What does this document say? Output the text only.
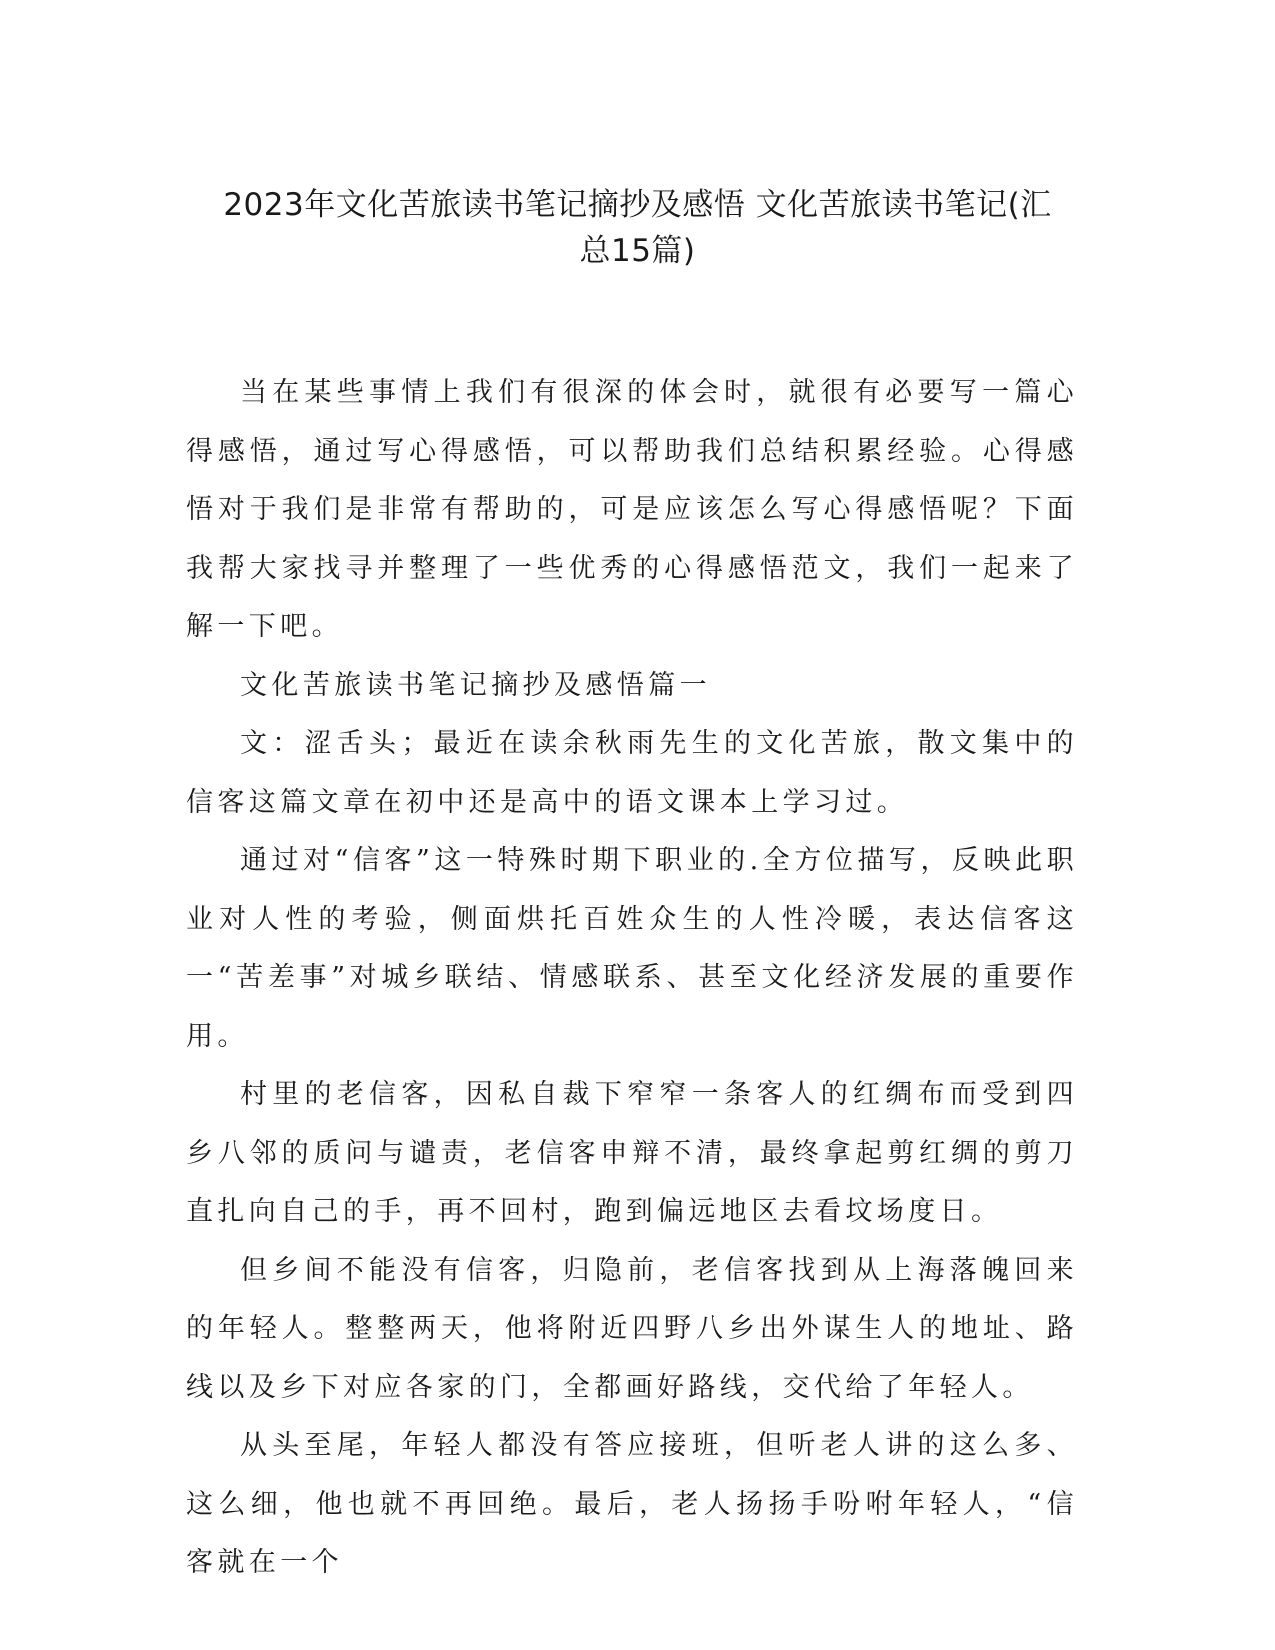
2023年文化苦旅读书笔记摘抄及感悟 文化苦旅读书笔记(汇
总15篇)

当在某些事情上我们有很深的体会时，就很有必要写一篇心得感悟，通过写心得感悟，可以帮助我们总结积累经验。心得感悟对于我们是非常有帮助的，可是应该怎么写心得感悟呢？下面我帮大家找寻并整理了一些优秀的心得感悟范文，我们一起来了解一下吧。

文化苦旅读书笔记摘抄及感悟篇一

文：涩舌头；最近在读余秋雨先生的文化苦旅，散文集中的信客这篇文章在初中还是高中的语文课本上学习过。

通过对“信客”这一特殊时期下职业的.全方位描写，反映此职业对人性的考验，侧面烘托百姓众生的人性冷暖，表达信客这一“苦差事”对城乡联结、情感联系、甚至文化经济发展的重要作用。

村里的老信客，因私自裁下窄窄一条客人的红绸布而受到四乡八邻的质问与谴责，老信客申辩不清，最终拿起剪红绸的剪刀直扎向自己的手，再不回村，跑到偏远地区去看坟场度日。

但乡间不能没有信客，归隐前，老信客找到从上海落魄回来的年轻人。整整两天，他将附近四野八乡出外谋生人的地址、路线以及乡下对应各家的门，全都画好路线，交代给了年轻人。

从头至尾，年轻人都没有答应接班，但听老人讲的这么多、这么细，他也就不再回绝。最后，老人扬扬手吩咐年轻人，“信客就在一个
